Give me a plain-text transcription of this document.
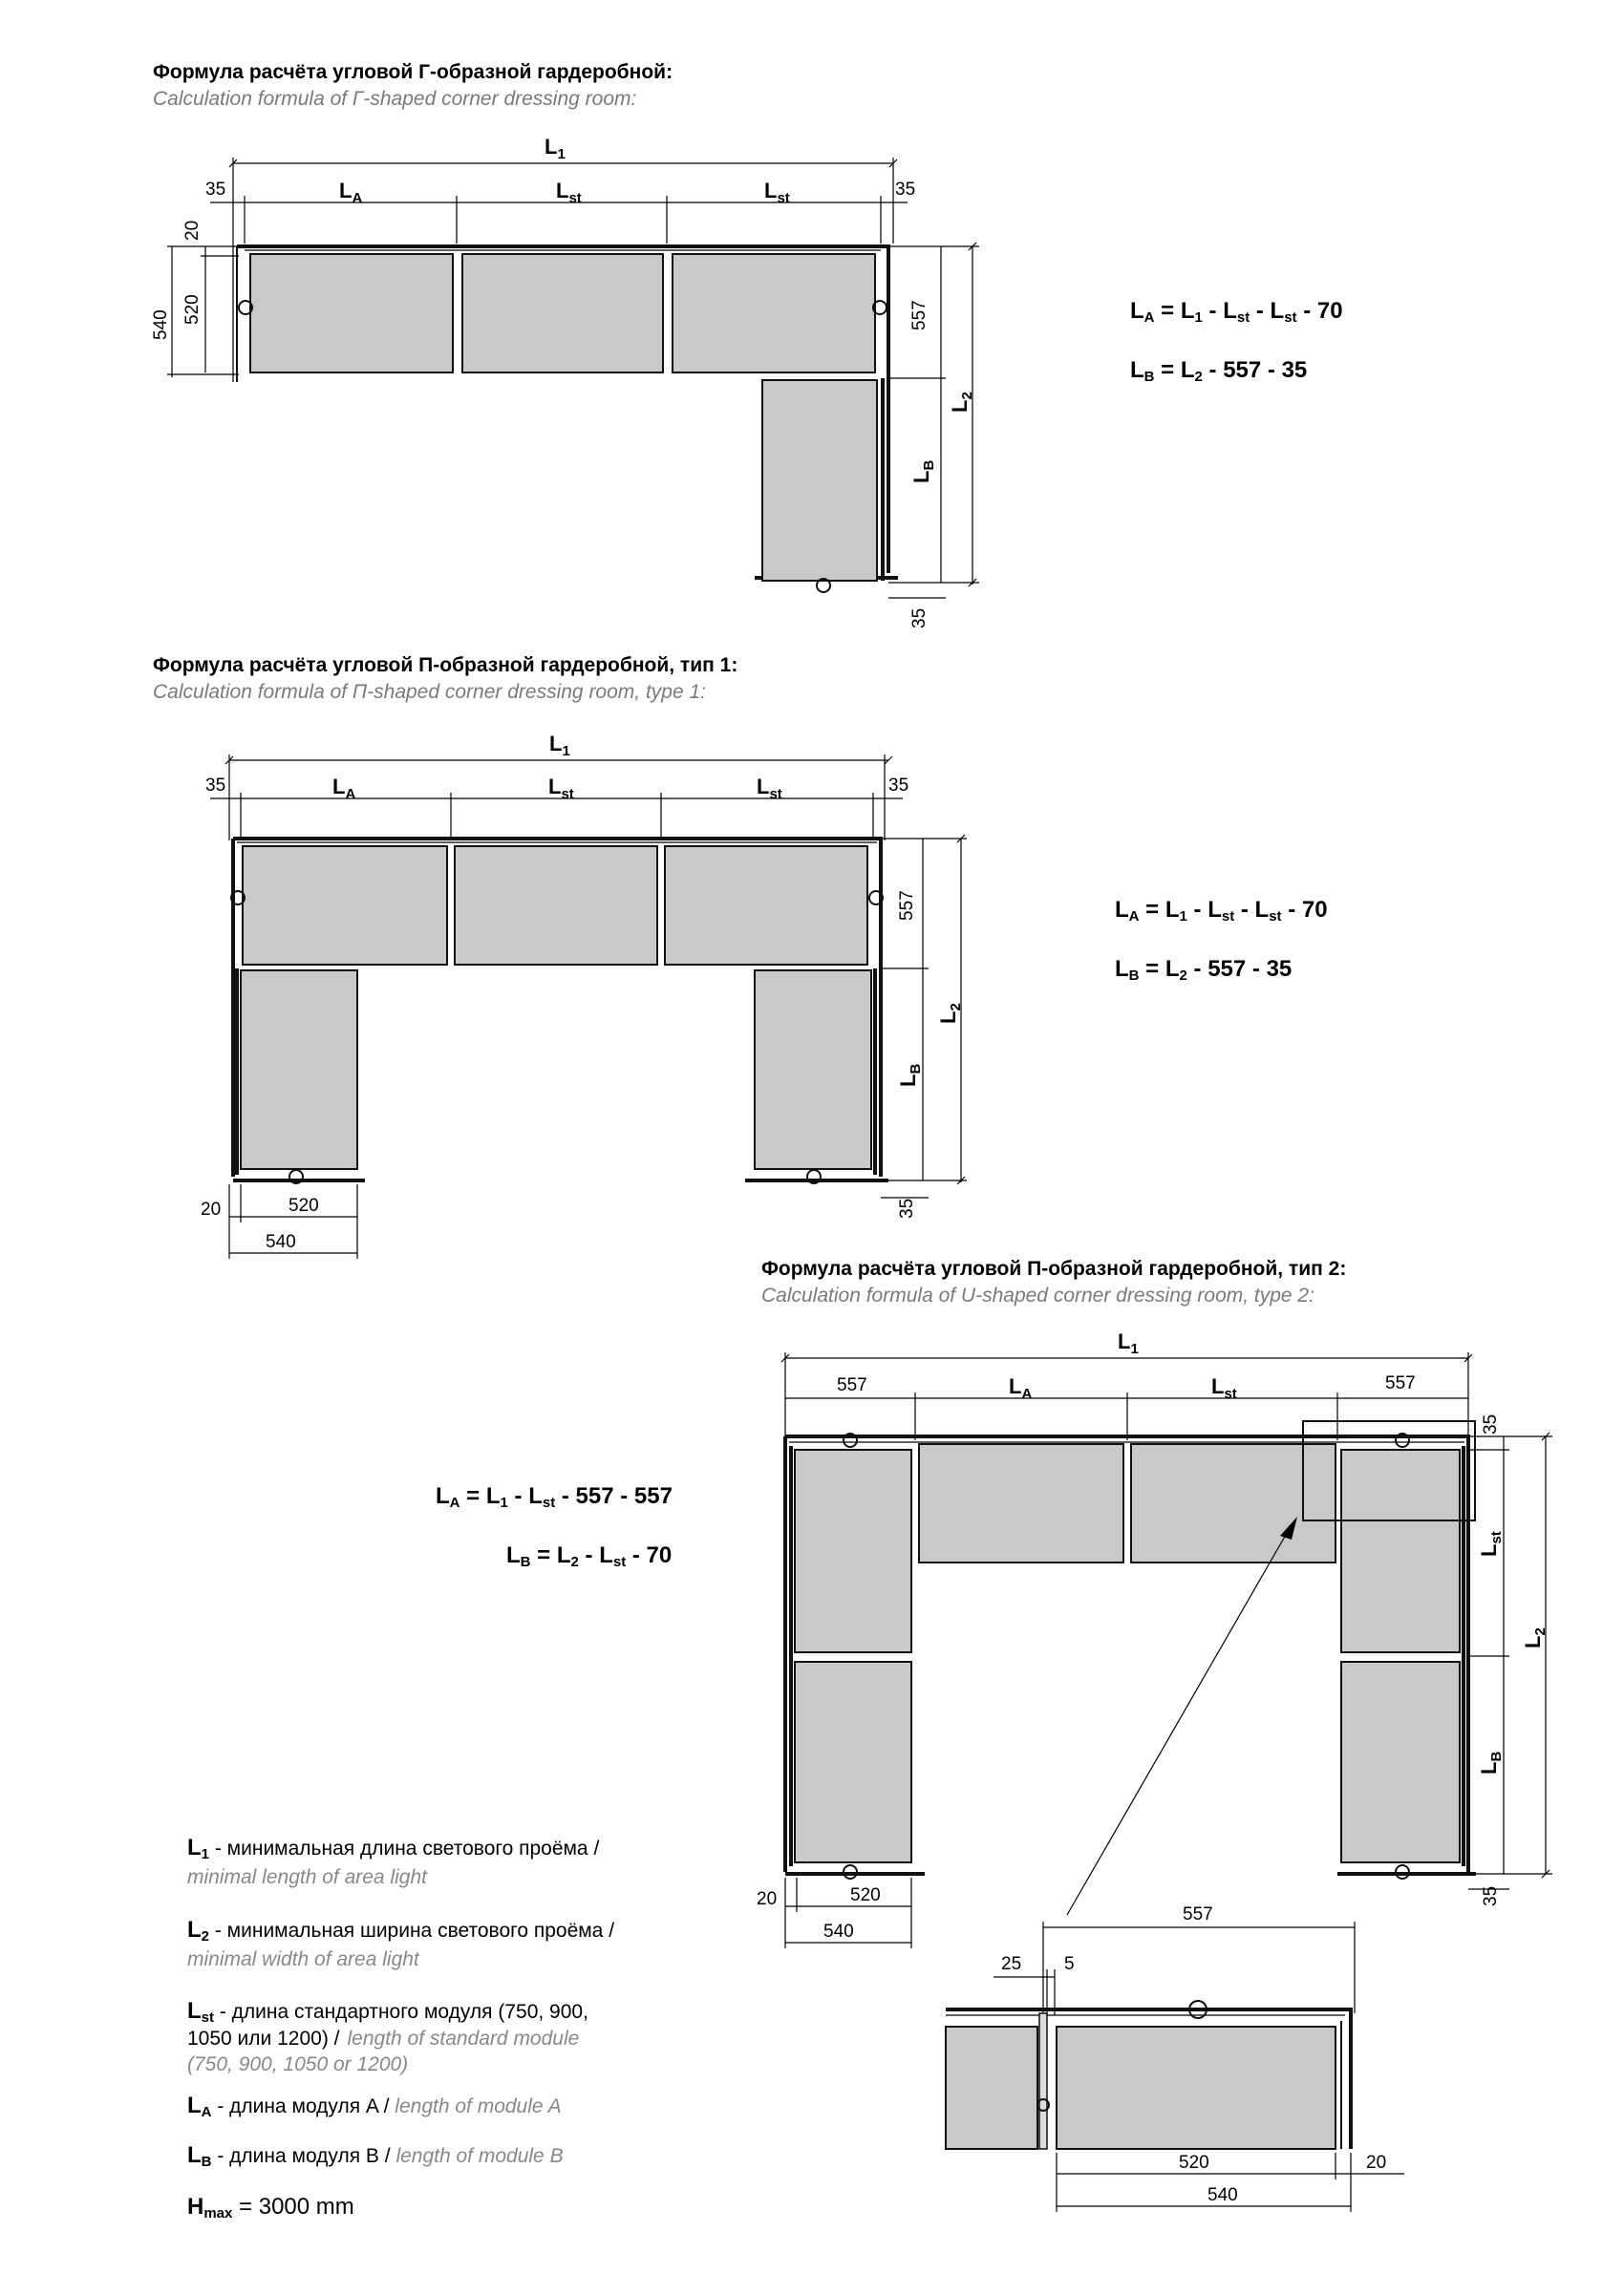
Формула расчёта угловой Г-образной гардеробной:
Calculation formula of Г-shaped corner dressing room:
$L_1$
35	$L_A$	$L_{st}$	$L_{st}$	35
20
520
540	557
$L_2$
$L_B$
35
LA = L1 - Lst - Lst - 70
LB = L2 - 557 - 35
Формула расчёта угловой П-образной гардеробной, тип 1:
Calculation formula of П-shaped corner dressing room, type 1:
$L_1$
35	$L_A$	$L_{st}$	$L_{st}$	35
557
$L_2$
$L_B$
35
20	520
540
LA = L1 - Lst - Lst - 70
LB = L2 - 557 - 35
Формула расчёта угловой П-образной гардеробной, тип 2:
Calculation formula of U-shaped corner dressing room, type 2:
$L_1$
557	$L_A$	$L_{st}$
557
35
$L_{st}$
$L_2$
$L_B$
35
20	520
540
557
25 5
520	20
540
LA = L1 - Lst - 557 - 557
LB = L2 - Lst - 70
L1 - минимальная длина светового проёма /
minimal length of area light
L2 - минимальная ширина светового проёма /
minimal width of area light
Lst - длина стандартного модуля (750, 900,
1050 или 1200) / length of standard module
(750, 900, 1050 or 1200)
LA - длина модуля A / length of module A
LB - длина модуля B / length of module B
Hmax = 3000 mm
